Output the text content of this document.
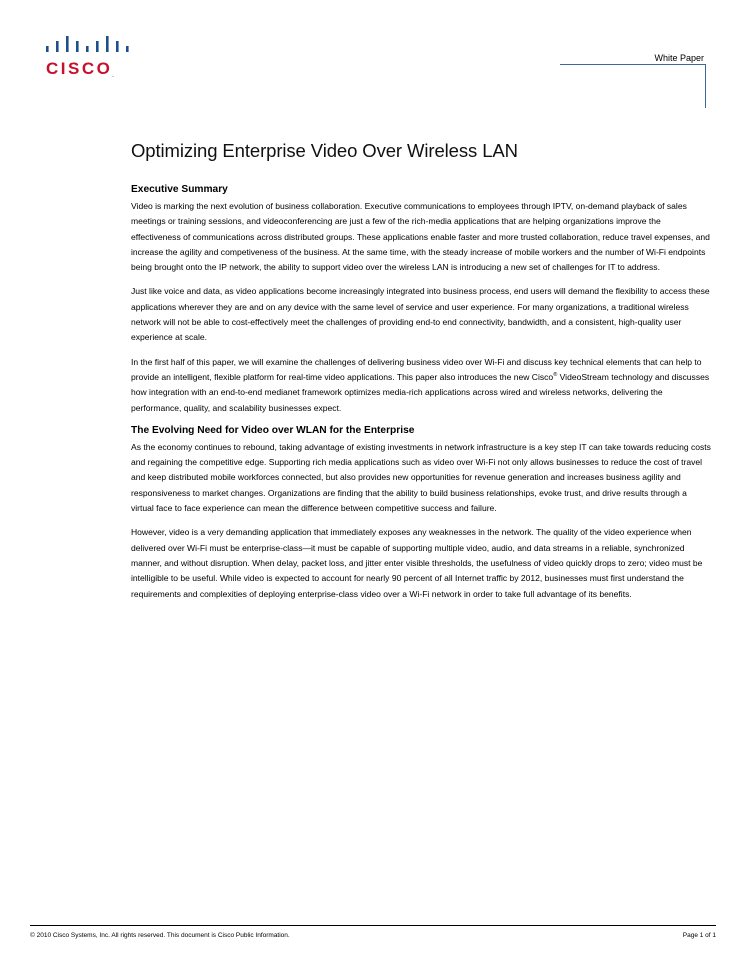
CISCO.
White Paper
Optimizing Enterprise Video Over Wireless LAN
Executive Summary

Video is marking the next evolution of business collaboration. Executive communications to employees through IPTV, on-demand playback of sales meetings or training sessions, and videoconferencing are just a few of the rich-media applications that are helping organizations improve the effectiveness of communications across distributed groups. These applications enable faster and more trusted collaboration, reduce travel expenses, and increase the agility and competiveness of the business. At the same time, with the steady increase of mobile workers and the number of Wi-Fi endpoints being brought onto the IP network, the ability to support video over the wireless LAN is introducing a new set of challenges for IT to address.

Just like voice and data, as video applications become increasingly integrated into business process, end users will demand the flexibility to access these applications wherever they are and on any device with the same level of service and user experience. For many organizations, a traditional wireless network will not be able to cost-effectively meet the challenges of providing end-to end connectivity, bandwidth, and a consistent, high-quality user experience at scale.

In the first half of this paper, we will examine the challenges of delivering business video over Wi-Fi and discuss key technical elements that can help to provide an intelligent, flexible platform for real-time video applications. This paper also introduces the new Cisco® VideoStream technology and discusses how integration with an end-to-end medianet framework optimizes media-rich applications across wired and wireless networks, delivering the performance, quality, and scalability businesses expect.

The Evolving Need for Video over WLAN for the Enterprise

As the economy continues to rebound, taking advantage of existing investments in network infrastructure is a key step IT can take towards reducing costs and regaining the competitive edge. Supporting rich media applications such as video over Wi-Fi not only allows businesses to reduce the cost of travel and keep distributed mobile workforces connected, but also provides new opportunities for revenue generation and increases business agility and responsiveness to market changes. Organizations are finding that the ability to build business relationships, evoke trust, and drive results through a virtual face to face experience can mean the difference between competitive success and failure.

However, video is a very demanding application that immediately exposes any weaknesses in the network. The quality of the video experience when delivered over Wi-Fi must be enterprise-class—it must be capable of supporting multiple video, audio, and data streams in a reliable, synchronized manner, and without disruption. When delay, packet loss, and jitter enter visible thresholds, the usefulness of video quickly drops to zero; video must be intelligible to be useful. While video is expected to account for nearly 90 percent of all Internet traffic by 2012, businesses must first understand the requirements and complexities of deploying enterprise-class video over a Wi-Fi network in order to take full advantage of its benefits.

© 2010 Cisco Systems, Inc. All rights reserved. This document is Cisco Public Information.	Page 1 of 1
